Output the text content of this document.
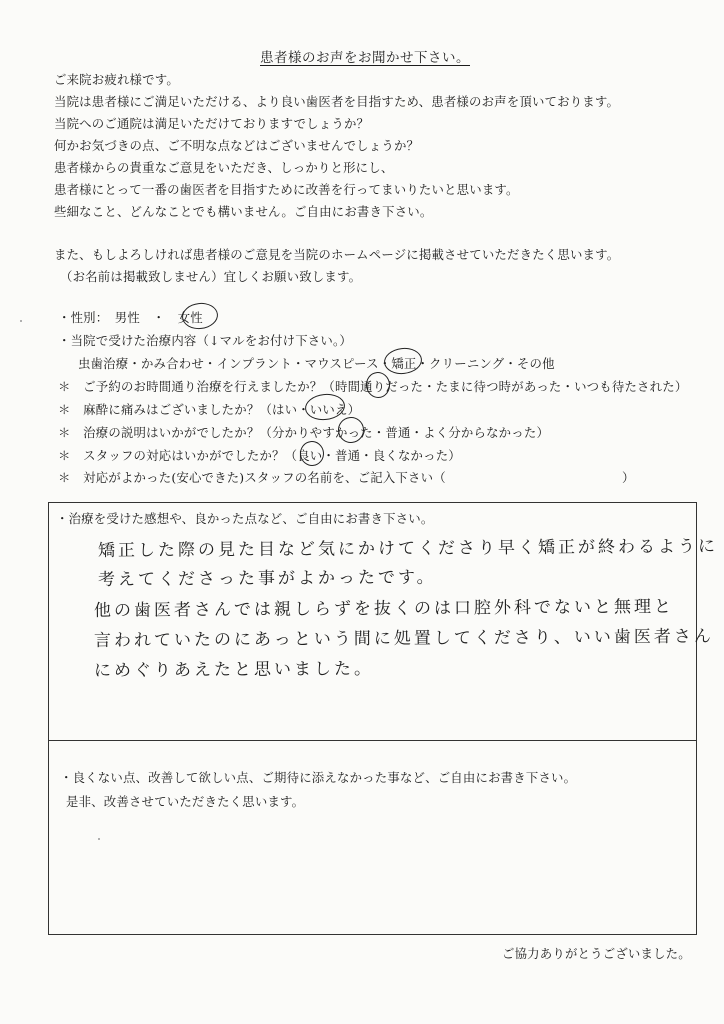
患者様のお声をお聞かせ下さい。
ご来院お疲れ様です。
当院は患者様にご満足いただける、より良い歯医者を目指すため、患者様のお声を頂いております。
当院へのご通院は満足いただけておりますでしょうか？
何かお気づきの点、ご不明な点などはございませんでしょうか？
患者様からの貴重なご意見をいただき、しっかりと形にし、
患者様にとって一番の歯医者を目指すために改善を行ってまいりたいと思います。
些細なこと、どんなことでも構いません。ご自由にお書き下さい。
また、もしよろしければ患者様のご意見を当院のホームページに掲載させていただきたく思います。
（お名前は掲載致しません）宜しくお願い致します。
・性別：　男性　・　女性
・当院で受けた治療内容（↓マルをお付け下さい。）
虫歯治療・かみ合わせ・インプラント・マウスピース・矯正・クリーニング・その他
＊　ご予約のお時間通り治療を行えましたか？（時間通りだった・たまに待つ時があった・いつも待たされた）
＊　麻酔に痛みはございましたか？（はい・いいえ）
＊　治療の説明はいかがでしたか？（分かりやすかった・普通・よく分からなかった）
＊　スタッフの対応はいかがでしたか？（良い・普通・良くなかった）
＊　対応がよかった(安心できた)スタッフの名前を、ご記入下さい（　　　　　　　　　　　　　　）
・治療を受けた感想や、良かった点など、ご自由にお書き下さい。
矯正した際の見た目など気にかけてくださり早く矯正が終わるように
考えてくださった事がよかったです。
他の歯医者さんでは親しらずを抜くのは口腔外科でないと無理と
言われていたのにあっという間に処置してくださり、いい歯医者さん
にめぐりあえたと思いました。
・良くない点、改善して欲しい点、ご期待に添えなかった事など、ご自由にお書き下さい。
是非、改善させていただきたく思います。
ご協力ありがとうございました。
